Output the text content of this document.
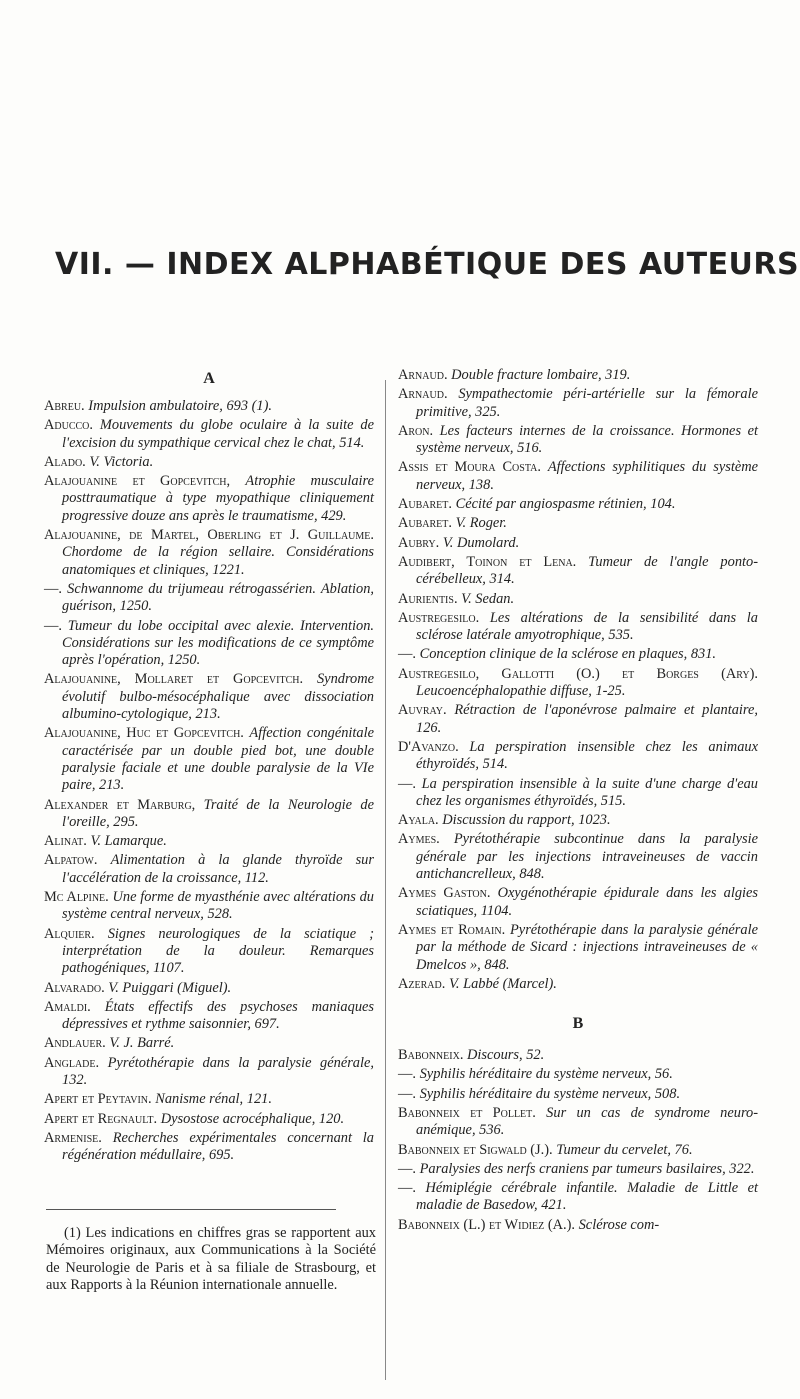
VII. — INDEX ALPHABÉTIQUE DES AUTEURS
A
Abreu. Impulsion ambulatoire, 693 (1).
Aducco. Mouvements du globe oculaire à la suite de l'excision du sympathique cervical chez le chat, 514.
Alado. V. Victoria.
Alajouanine et Gopcevitch, Atrophie musculaire posttraumatique à type myopathique cliniquement progressive douze ans après le traumatisme, 429.
Alajouanine, de Martel, Oberling et J. Guillaume. Chordome de la région sellaire. Considérations anatomiques et cliniques, 1221.
—. Schwannome du trijumeau rétrogassérien. Ablation, guérison, 1250.
—. Tumeur du lobe occipital avec alexie. Intervention. Considérations sur les modifications de ce symptôme après l'opération, 1250.
Alajouanine, Mollaret et Gopcevitch. Syndrome évolutif bulbo-mésocéphalique avec dissociation albumino-cytologique, 213.
Alajouanine, Huc et Gopcevitch. Affection congénitale caractérisée par un double pied bot, une double paralysie faciale et une double paralysie de la VIe paire, 213.
Alexander et Marburg, Traité de la Neurologie de l'oreille, 295.
Alinat. V. Lamarque.
Alpatow. Alimentation à la glande thyroïde sur l'accélération de la croissance, 112.
Mc Alpine. Une forme de myasthénie avec altérations du système central nerveux, 528.
Alquier. Signes neurologiques de la sciatique ; interprétation de la douleur. Remarques pathogéniques, 1107.
Alvarado. V. Puiggari (Miguel).
Amaldi. États effectifs des psychoses maniaques dépressives et rythme saisonnier, 697.
Andlauer. V. J. Barré.
Anglade. Pyrétothérapie dans la paralysie générale, 132.
Apert et Peytavin. Nanisme rénal, 121.
Apert et Regnault. Dysostose acrocéphalique, 120.
Armenise. Recherches expérimentales concernant la régénération médullaire, 695.
Arnaud. Double fracture lombaire, 319.
Arnaud. Sympathectomie péri-artérielle sur la fémorale primitive, 325.
Aron. Les facteurs internes de la croissance. Hormones et système nerveux, 516.
Assis et Moura Costa. Affections syphilitiques du système nerveux, 138.
Aubaret. Cécité par angiospasme rétinien, 104.
Aubaret. V. Roger.
Aubry. V. Dumolard.
Audibert, Toinon et Lena. Tumeur de l'angle ponto-cérébelleux, 314.
Aurientis. V. Sedan.
Austregesilo. Les altérations de la sensibilité dans la sclérose latérale amyotrophique, 535.
—. Conception clinique de la sclérose en plaques, 831.
Austregesilo, Gallotti (O.) et Borges (Ary). Leucoencéphalopathie diffuse, 1-25.
Auvray. Rétraction de l'aponévrose palmaire et plantaire, 126.
D'Avanzo. La perspiration insensible chez les animaux éthyroïdés, 514.
—. La perspiration insensible à la suite d'une charge d'eau chez les organismes éthyroïdés, 515.
Ayala. Discussion du rapport, 1023.
Aymes. Pyrétothérapie subcontinue dans la paralysie générale par les injections intraveineuses de vaccin antichancrelleux, 848.
Aymes Gaston. Oxygénothérapie épidurale dans les algies sciatiques, 1104.
Aymes et Romain. Pyrétothérapie dans la paralysie générale par la méthode de Sicard : injections intraveineuses de « Dmelcos », 848.
Azerad. V. Labbé (Marcel).
B
Babonneix. Discours, 52.
—. Syphilis héréditaire du système nerveux, 56.
—. Syphilis héréditaire du système nerveux, 508.
Babonneix et Pollet. Sur un cas de syndrome neuro-anémique, 536.
Babonneix et Sigwald (J.). Tumeur du cervelet, 76.
—. Paralysies des nerfs craniens par tumeurs basilaires, 322.
—. Hémiplégie cérébrale infantile. Maladie de Little et maladie de Basedow, 421.
Babonneix (L.) et Widiez (A.). Sclérose com-

(1) Les indications en chiffres gras se rapportent aux Mémoires originaux, aux Communications à la Société de Neurologie de Paris et à sa filiale de Strasbourg, et aux Rapports à la Réunion internationale annuelle.
